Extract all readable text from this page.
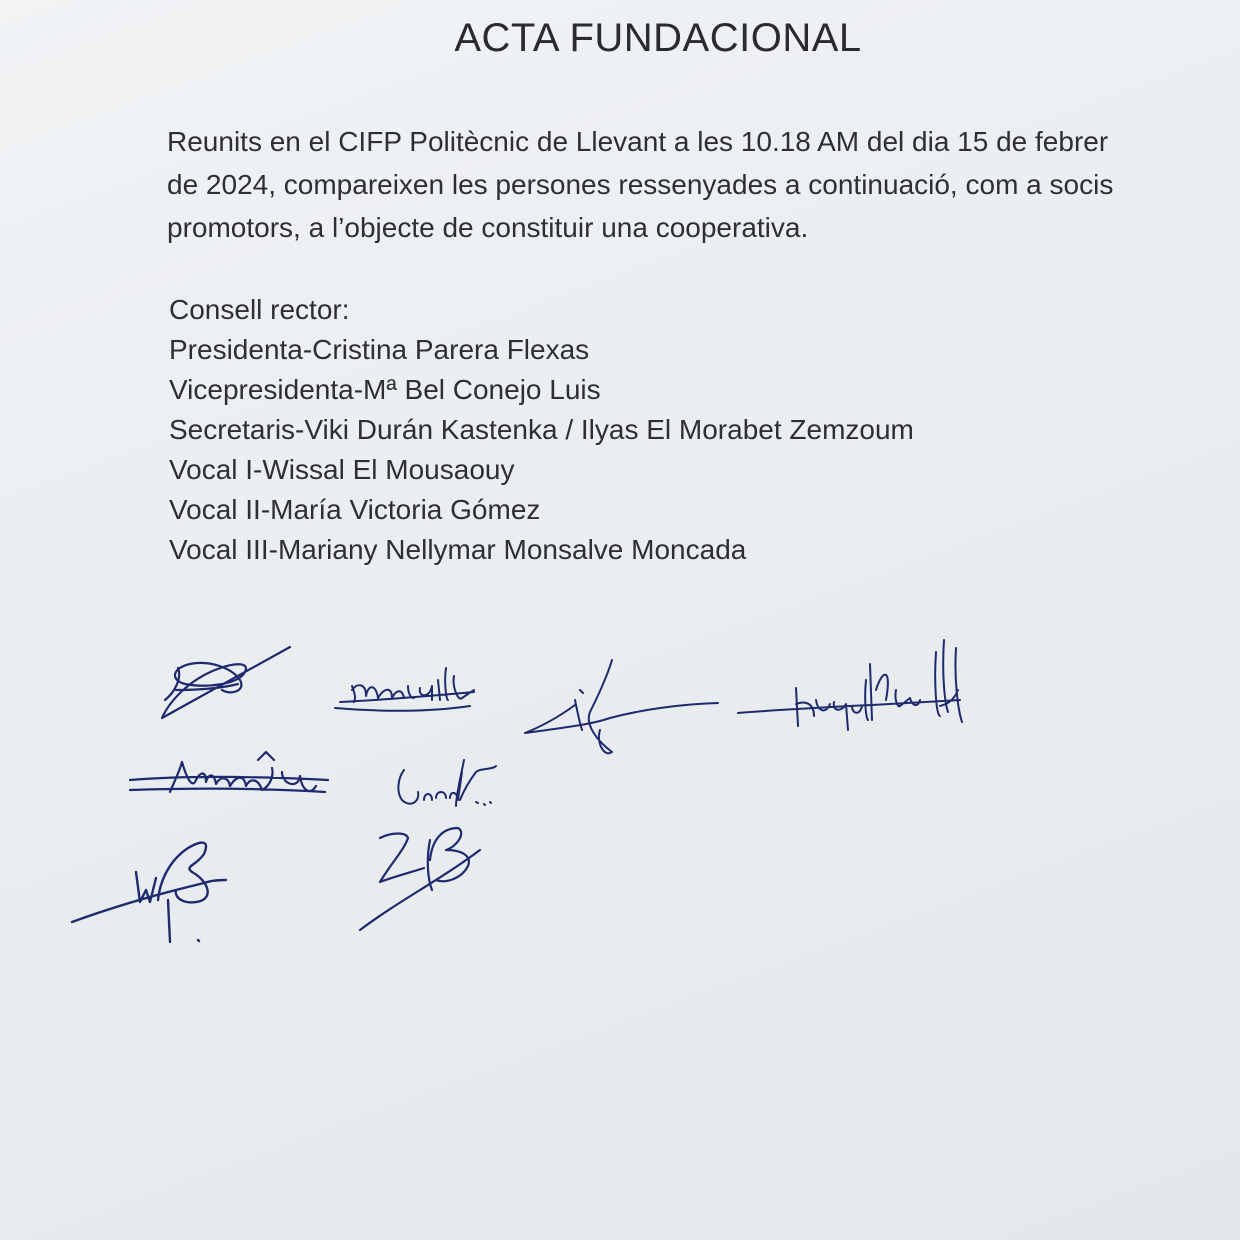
ACTA FUNDACIONAL

Reunits en el CIFP Politècnic de Llevant a les 10.18 AM del dia 15 de febrer
de 2024, compareixen les persones ressenyades a continuació, com a socis
promotors, a l’objecte de constituir una cooperativa.

Consell rector:
Presidenta-Cristina Parera Flexas
Vicepresidenta-Mª Bel Conejo Luis
Secretaris-Viki Durán Kastenka / Ilyas El Morabet Zemzoum
Vocal I-Wissal El Mousaouy
Vocal II-María Victoria Gómez
Vocal III-Mariany Nellymar Monsalve Moncada
